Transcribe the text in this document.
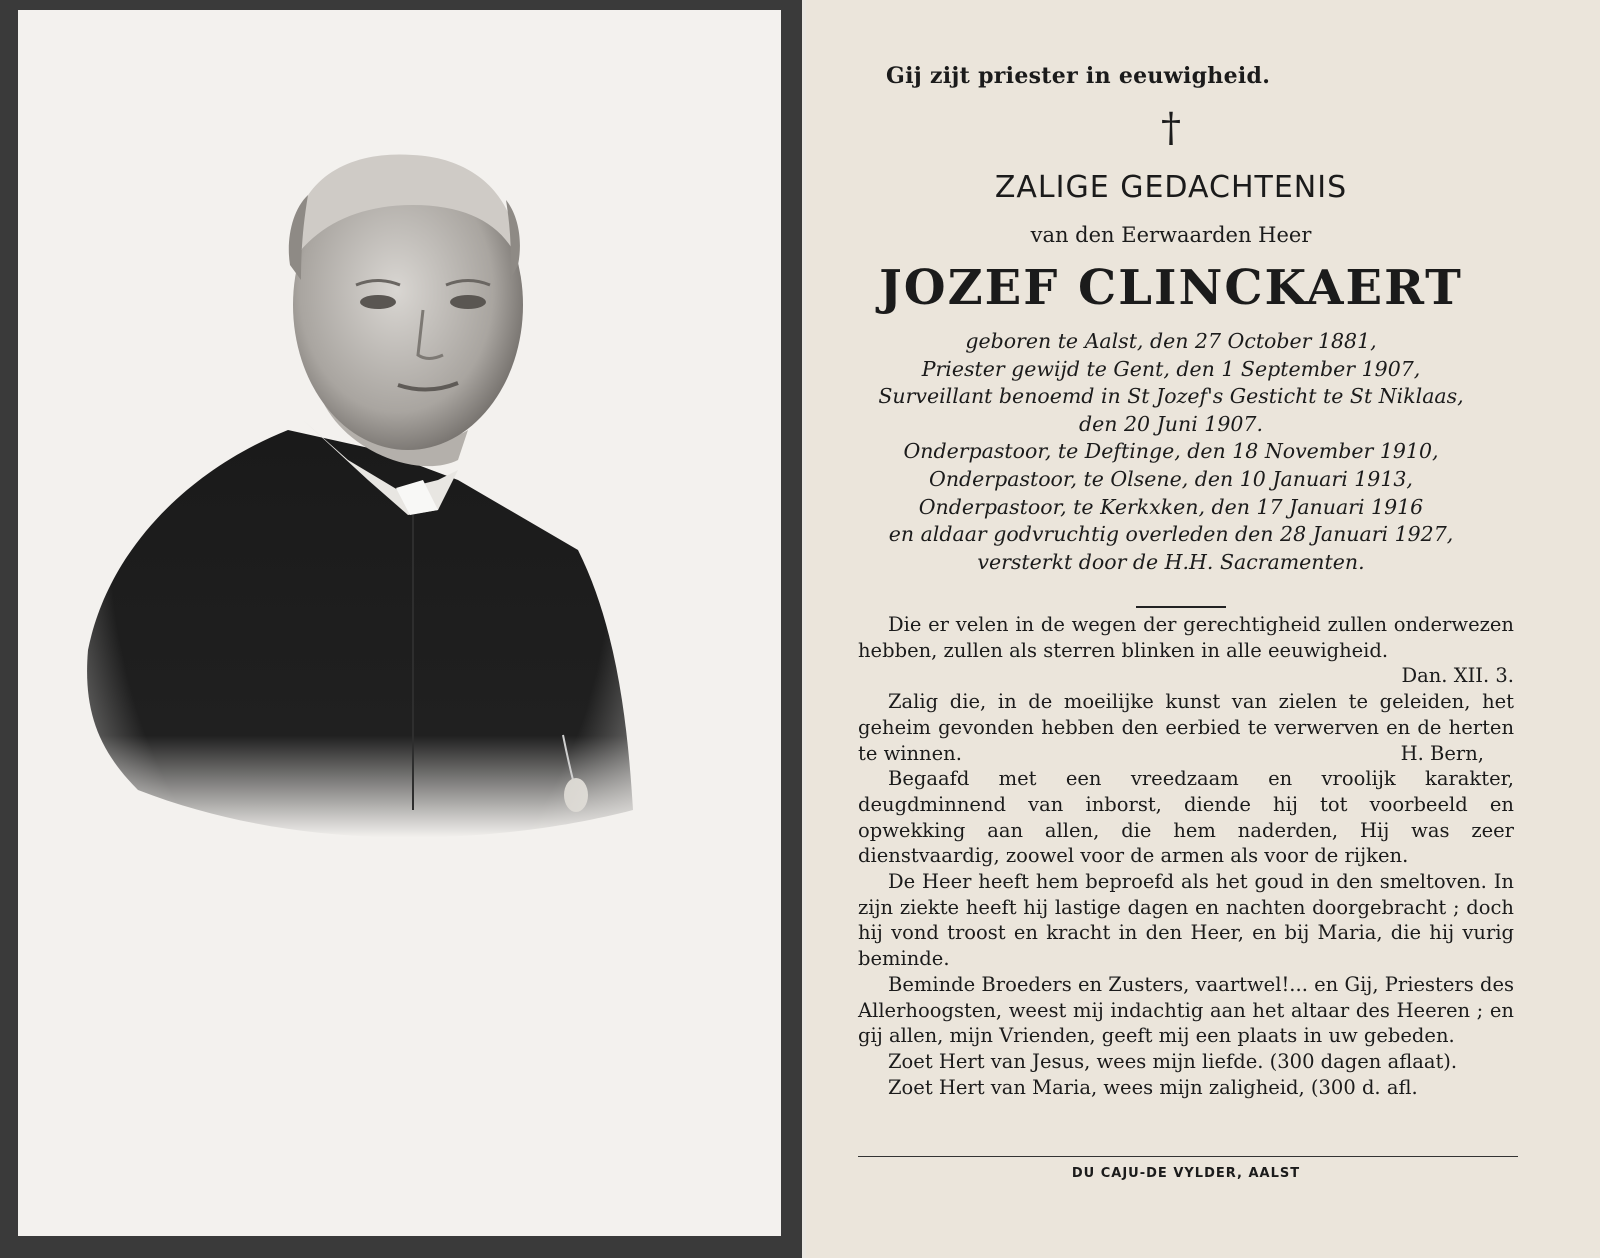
Gij zijt priester in eeuwigheid.
†
ZALIGE GEDACHTENIS
van den Eerwaarden Heer
JOZEF CLINCKAERT
geboren te Aalst, den 27 October 1881,
Priester gewijd te Gent, den 1 September 1907,
Surveillant benoemd in St Jozef's Gesticht te St Niklaas,
den 20 Juni 1907.
Onderpastoor, te Deftinge, den 18 November 1910,
Onderpastoor, te Olsene, den 10 Januari 1913,
Onderpastoor, te Kerkxken, den 17 Januari 1916
en aldaar godvruchtig overleden den 28 Januari 1927,
versterkt door de H.H. Sacramenten.

Die er velen in de wegen der gerechtigheid zullen onderwezen hebben, zullen als sterren blinken in alle eeuwigheid.

Dan. XII. 3.

Zalig die, in de moeilijke kunst van zielen te geleiden, het geheim gevonden hebben den eerbied te verwerven en de herten te winnen.	H. Bern,

Begaafd met een vreedzaam en vroolijk karakter, deugdminnend van inborst, diende hij tot voorbeeld en opwekking aan allen, die hem naderden, Hij was zeer dienstvaardig, zoowel voor de armen als voor de rijken.

De Heer heeft hem beproefd als het goud in den smeltoven. In zijn ziekte heeft hij lastige dagen en nachten doorgebracht ; doch hij vond troost en kracht in den Heer, en bij Maria, die hij vurig beminde.

Beminde Broeders en Zusters, vaartwel!... en Gij, Priesters des Allerhoogsten, weest mij indachtig aan het altaar des Heeren ; en gij allen, mijn Vrienden, geeft mij een plaats in uw gebeden.

Zoet Hert van Jesus, wees mijn liefde. (300 dagen aflaat).

Zoet Hert van Maria, wees mijn zaligheid, (300 d. afl.

DU CAJU-DE VYLDER, AALST
